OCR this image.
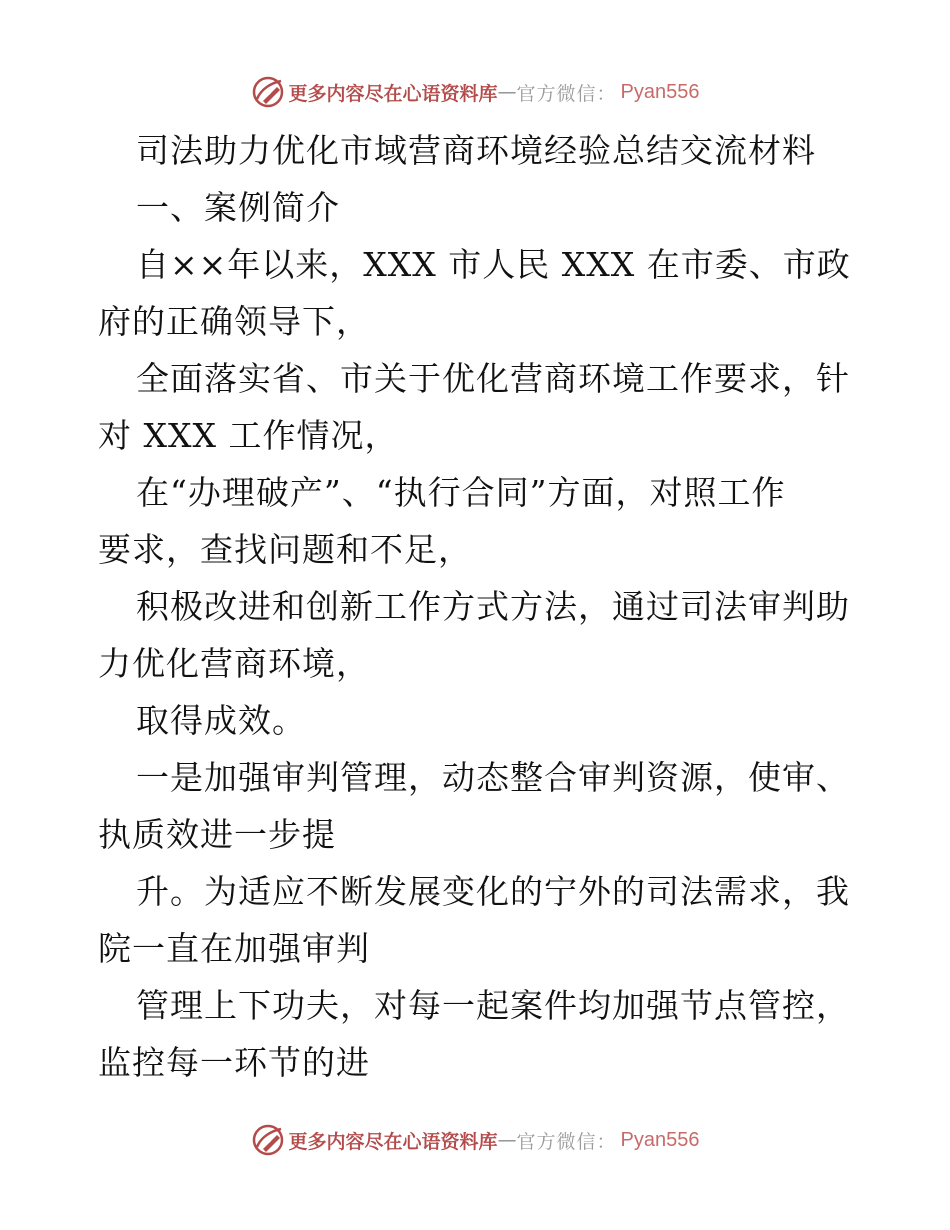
更多内容尽在心语资料库 — 官方微信： Pyan556
司法助力优化市域营商环境经验总结交流材料
一、案例简介
自××年以来，XXX 市人民 XXX 在市委、市政
府的正确领导下，
全面落实省、市关于优化营商环境工作要求，针
对 XXX 工作情况，
在“办理破产”、“执行合同”方面，对照工作
要求，查找问题和不足，
积极改进和创新工作方式方法，通过司法审判助
力优化营商环境，
取得成效。
一是加强审判管理，动态整合审判资源，使审、
执质效进一步提
升。为适应不断发展变化的宁外的司法需求，我
院一直在加强审判
管理上下功夫，对每一起案件均加强节点管控，
监控每一环节的进
更多内容尽在心语资料库 — 官方微信： Pyan556
